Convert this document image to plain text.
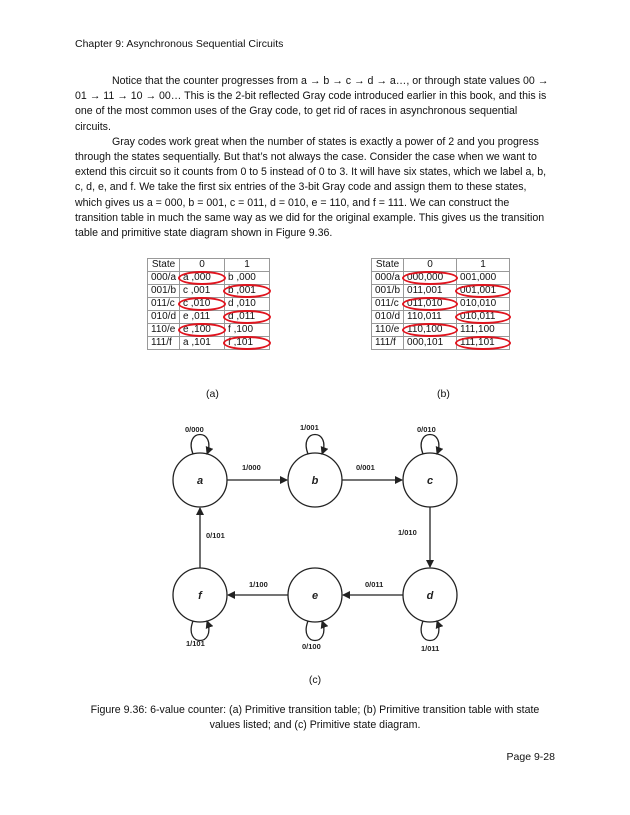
Chapter 9: Asynchronous Sequential Circuits

Notice that the counter progresses from a → b → c → d → a…, or through state values 00 → 01 → 11 → 10 → 00… This is the 2-bit reflected Gray code introduced earlier in this book, and this is one of the most common uses of the Gray code, to get rid of races in asynchronous sequential circuits.

Gray codes work great when the number of states is exactly a power of 2 and you progress through the states sequentially. But that’s not always the case. Consider the case when we want to extend this circuit so it counts from 0 to 5 instead of 0 to 3. It will have six states, which we label a, b, c, d, e, and f. We take the first six entries of the 3-bit Gray code and assign them to these states, which gives us a = 000, b = 001, c = 011, d = 010, e = 110, and f = 111. We can construct the transition table in much the same way as we did for the original example. This gives us the transition table and primitive state diagram shown in Figure 9.36.

State	0	1
000/a	a ,000	b ,000
001/b	c ,001	b ,001
011/c	c ,010	d ,010
010/d	e ,011	d ,011
110/e	e ,100	f ,100
111/f	a ,101	f ,101
(a)
State	0	1
000/a	000,000	001,000
001/b	011,001	001,001
011/c	011,010	010,010
010/d	110,011	010,011
110/e	110,100	111,100
111/f	000,101	111,101
(b)
a	b	c
d
e
f
0/000	1/001	0/010
1/011
0/100
1/101
1/000	0/001
1/010
0/011
1/100
0/101
(c)
Figure 9.36: 6-value counter: (a) Primitive transition table; (b) Primitive transition table with state values listed; and (c) Primitive state diagram.
Page 9-28
